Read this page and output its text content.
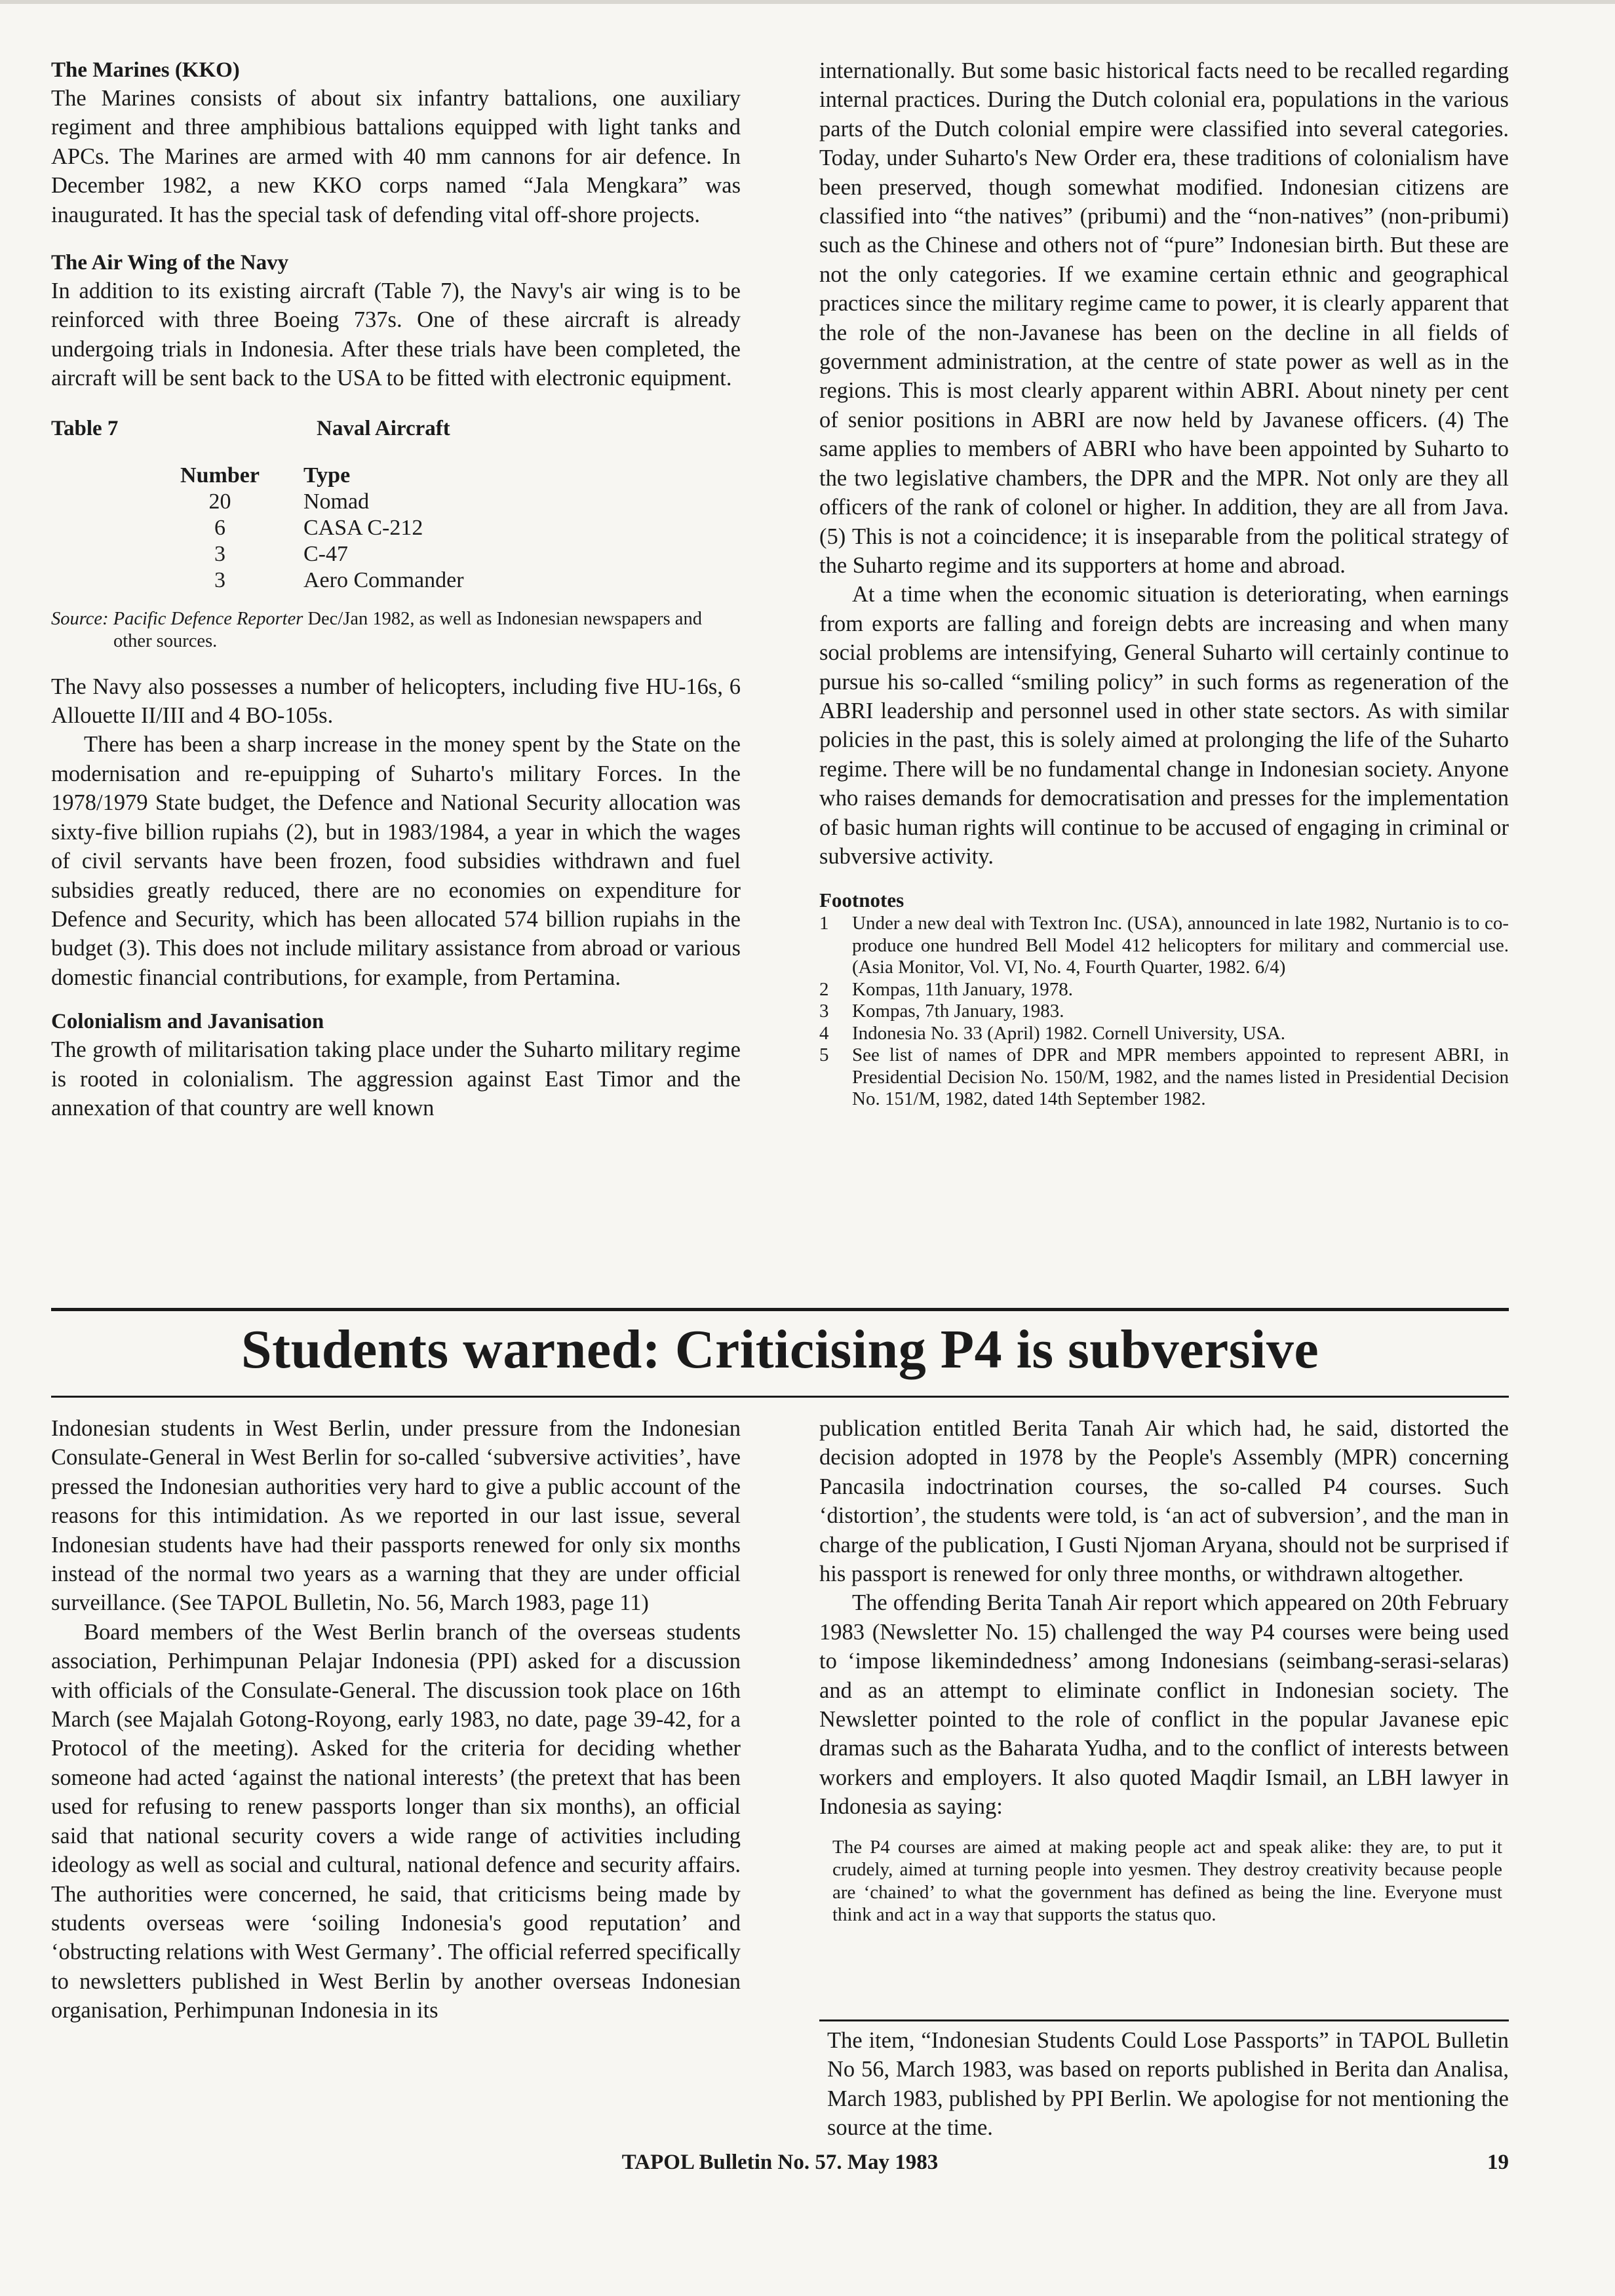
The Marines (KKO)

The Marines consists of about six infantry battalions, one auxiliary regiment and three amphibious battalions equipped with light tanks and APCs. The Marines are armed with 40 mm cannons for air defence. In December 1982, a new KKO corps named “Jala Mengkara” was inaugurated. It has the special task of defending vital off-shore projects.

The Air Wing of the Navy

In addition to its existing aircraft (Table 7), the Navy's air wing is to be reinforced with three Boeing 737s. One of these aircraft is already undergoing trials in Indonesia. After these trials have been completed, the aircraft will be sent back to the USA to be fitted with electronic equipment.

Table 7	Naval Aircraft
Number	Type
20	Nomad
6	CASA C-212
3	C-47
3	Aero Commander

Source: Pacific Defence Reporter Dec/Jan 1982, as well as Indonesian newspapers and other sources.

The Navy also possesses a number of helicopters, including five HU-16s, 6 Allouette II/III and 4 BO-105s.

There has been a sharp increase in the money spent by the State on the modernisation and re-epuipping of Suharto's military Forces. In the 1978/1979 State budget, the Defence and National Security allocation was sixty-five billion rupiahs (2), but in 1983/1984, a year in which the wages of civil servants have been frozen, food subsidies withdrawn and fuel subsidies greatly reduced, there are no economies on expenditure for Defence and Security, which has been allocated 574 billion rupiahs in the budget (3). This does not include military assistance from abroad or various domestic financial contributions, for example, from Pertamina.

Colonialism and Javanisation

The growth of militarisation taking place under the Suharto military regime is rooted in colonialism. The aggression against East Timor and the annexation of that country are well known

internationally. But some basic historical facts need to be recalled regarding internal practices. During the Dutch colonial era, populations in the various parts of the Dutch colonial empire were classified into several categories. Today, under Suharto's New Order era, these traditions of colonialism have been preserved, though somewhat modified. Indonesian citizens are classified into “the natives” (pribumi) and the “non-natives” (non-pribumi) such as the Chinese and others not of “pure” Indonesian birth. But these are not the only categories. If we examine certain ethnic and geographical practices since the military regime came to power, it is clearly apparent that the role of the non-Javanese has been on the decline in all fields of government administration, at the centre of state power as well as in the regions. This is most clearly apparent within ABRI. About ninety per cent of senior positions in ABRI are now held by Javanese officers. (4) The same applies to members of ABRI who have been appointed by Suharto to the two legislative chambers, the DPR and the MPR. Not only are they all officers of the rank of colonel or higher. In addition, they are all from Java. (5) This is not a coincidence; it is inseparable from the political strategy of the Suharto regime and its supporters at home and abroad.

At a time when the economic situation is deteriorating, when earnings from exports are falling and foreign debts are increasing and when many social problems are intensifying, General Suharto will certainly continue to pursue his so-called “smiling policy” in such forms as regeneration of the ABRI leadership and personnel used in other state sectors. As with similar policies in the past, this is solely aimed at prolonging the life of the Suharto regime. There will be no fundamental change in Indonesian society. Anyone who raises demands for democratisation and presses for the implementation of basic human rights will continue to be accused of engaging in criminal or subversive activity.

Footnotes
1	Under a new deal with Textron Inc. (USA), announced in late 1982, Nurtanio is to co-produce one hundred Bell Model 412 helicopters for military and commercial use. (Asia Monitor, Vol. VI, No. 4, Fourth Quarter, 1982. 6/4)
2	Kompas, 11th January, 1978.
3	Kompas, 7th January, 1983.
4	Indonesia No. 33 (April) 1982. Cornell University, USA.
5	See list of names of DPR and MPR members appointed to represent ABRI, in Presidential Decision No. 150/M, 1982, and the names listed in Presidential Decision No. 151/M, 1982, dated 14th September 1982.
Students warned: Criticising P4 is subversive

Indonesian students in West Berlin, under pressure from the Indonesian Consulate-General in West Berlin for so-called ‘subversive activities’, have pressed the Indonesian authorities very hard to give a public account of the reasons for this intimidation. As we reported in our last issue, several Indonesian students have had their passports renewed for only six months instead of the normal two years as a warning that they are under official surveillance. (See TAPOL Bulletin, No. 56, March 1983, page 11)

Board members of the West Berlin branch of the overseas students association, Perhimpunan Pelajar Indonesia (PPI) asked for a discussion with officials of the Consulate-General. The discussion took place on 16th March (see Majalah Gotong-Royong, early 1983, no date, page 39-42, for a Protocol of the meeting). Asked for the criteria for deciding whether someone had acted ‘against the national interests’ (the pretext that has been used for refusing to renew passports longer than six months), an official said that national security covers a wide range of activities including ideology as well as social and cultural, national defence and security affairs. The authorities were concerned, he said, that criticisms being made by students overseas were ‘soiling Indonesia's good reputation’ and ‘obstructing relations with West Germany’. The official referred specifically to newsletters published in West Berlin by another overseas Indonesian organisation, Perhimpunan Indonesia in its

publication entitled Berita Tanah Air which had, he said, distorted the decision adopted in 1978 by the People's Assembly (MPR) concerning Pancasila indoctrination courses, the so-called P4 courses. Such ‘distortion’, the students were told, is ‘an act of subversion’, and the man in charge of the publication, I Gusti Njoman Aryana, should not be surprised if his passport is renewed for only three months, or withdrawn altogether.

The offending Berita Tanah Air report which appeared on 20th February 1983 (Newsletter No. 15) challenged the way P4 courses were being used to ‘impose likemindedness’ among Indonesians (seimbang-serasi-selaras) and as an attempt to eliminate conflict in Indonesian society. The Newsletter pointed to the role of conflict in the popular Javanese epic dramas such as the Baharata Yudha, and to the conflict of interests between workers and employers. It also quoted Maqdir Ismail, an LBH lawyer in Indonesia as saying:

The P4 courses are aimed at making people act and speak alike: they are, to put it crudely, aimed at turning people into yesmen. They destroy creativity because people are ‘chained’ to what the government has defined as being the line. Everyone must think and act in a way that supports the status quo.

The item, “Indonesian Students Could Lose Passports” in TAPOL Bulletin No 56, March 1983, was based on reports published in Berita dan Analisa, March 1983, published by PPI Berlin. We apologise for not mentioning the source at the time.

TAPOL Bulletin No. 57. May 1983	19
